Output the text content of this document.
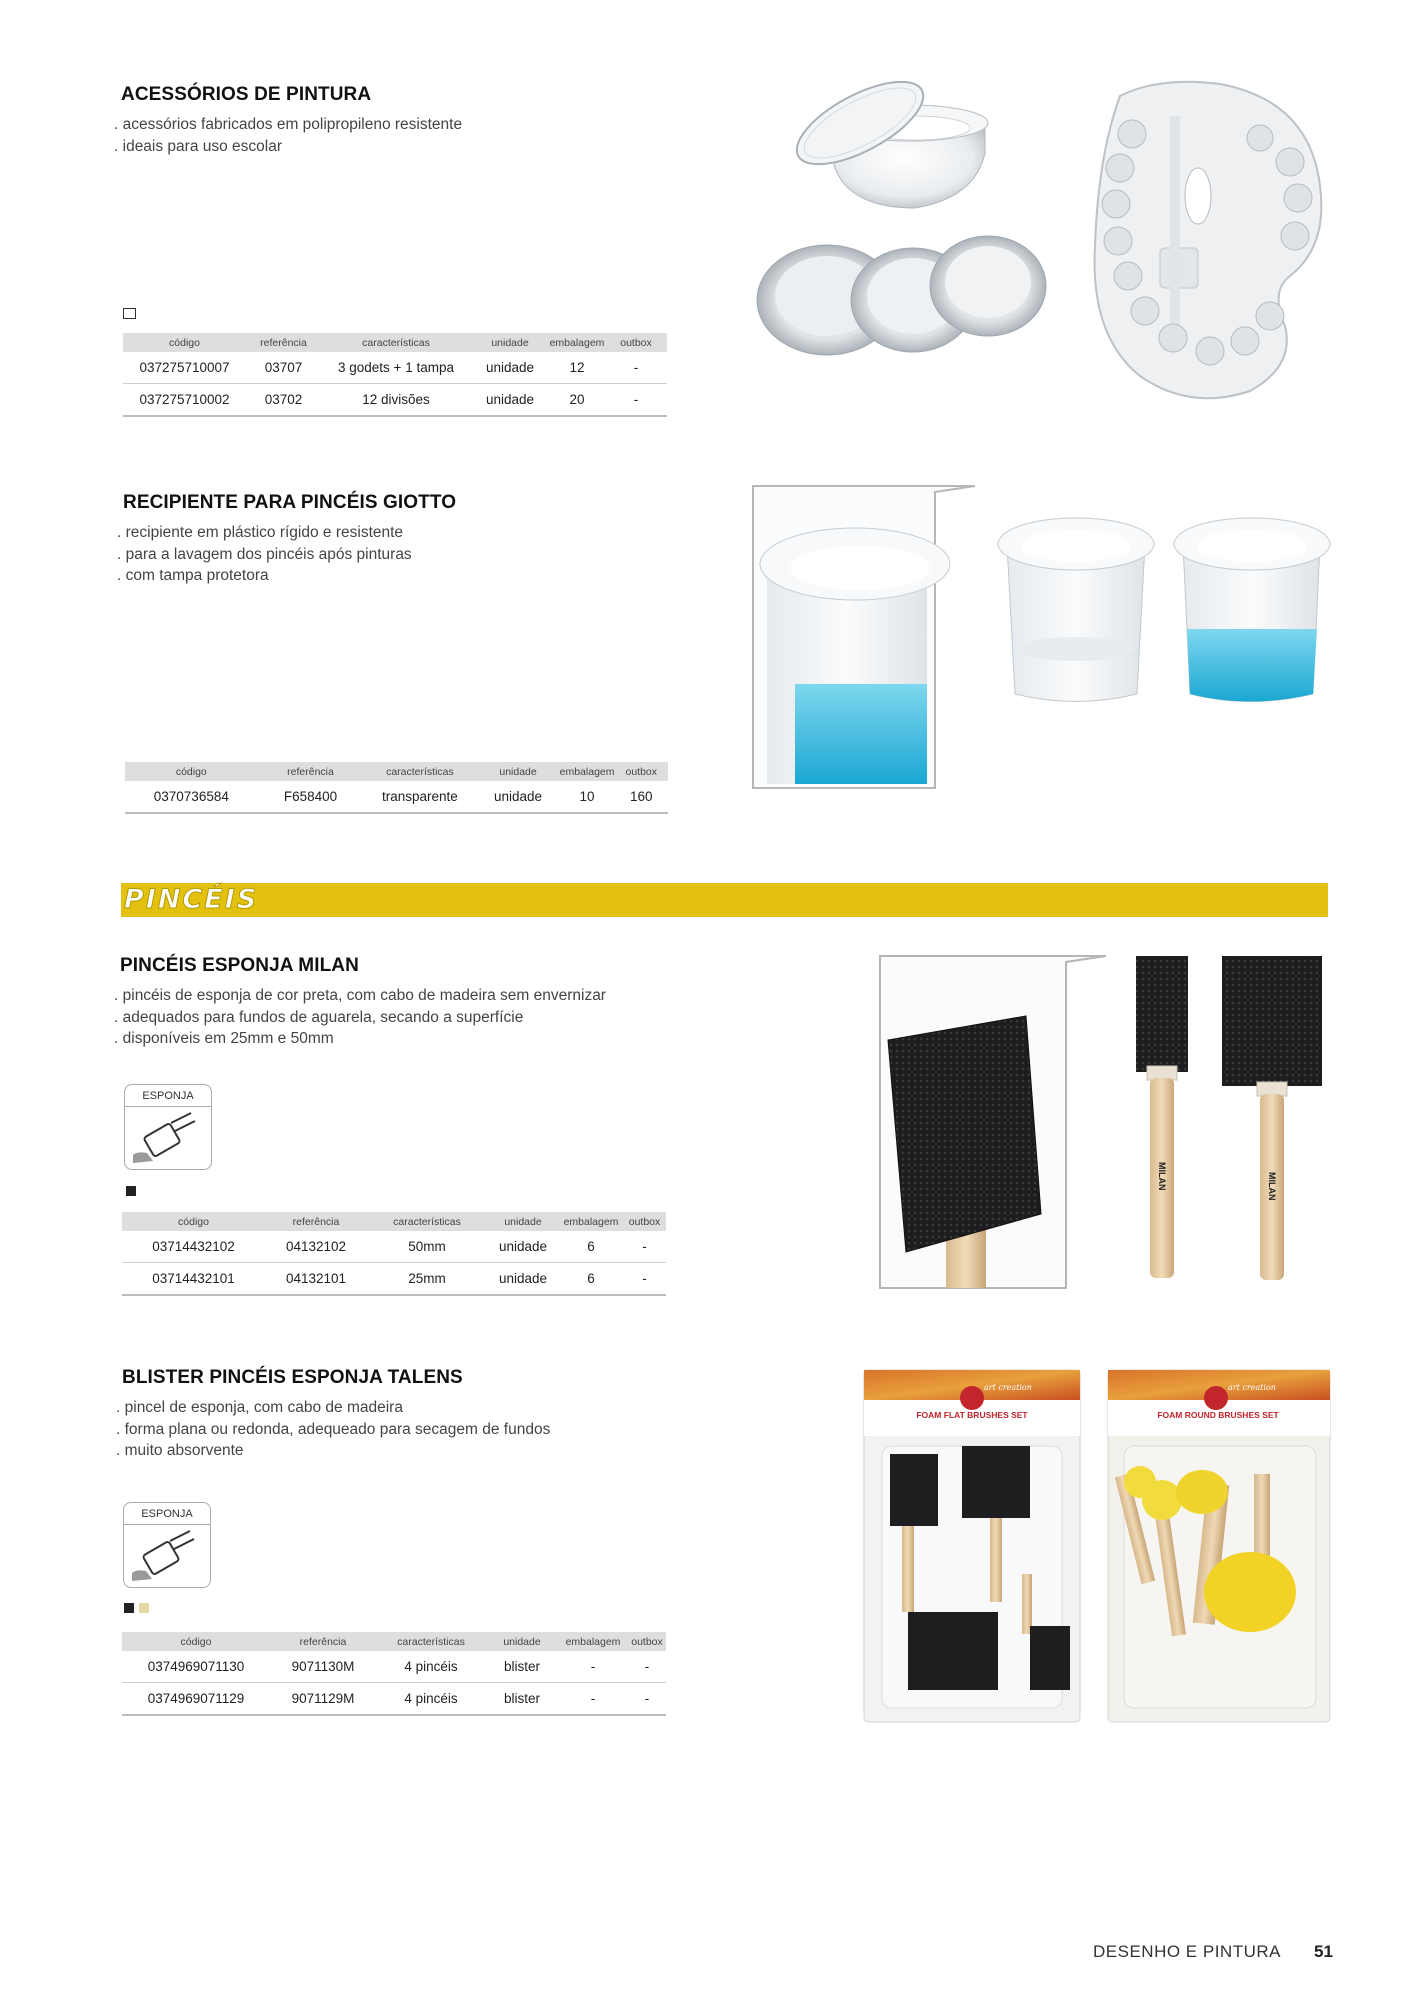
ACESSÓRIOS DE PINTURA
. acessórios fabricados em polipropileno resistente
. ideais para uso escolar
código	referência	características	unidade	embalagem	outbox
037275710007	03707	3 godets + 1 tampa	unidade	12	-
037275710002	03702	12 divisões	unidade	20	-
RECIPIENTE PARA PINCÉIS GIOTTO
. recipiente em plástico rígido e resistente
. para a lavagem dos pincéis após pinturas
. com tampa protetora
código	referência	características	unidade	embalagem	outbox
0370736584	F658400	transparente	unidade	10	160
PINCÉIS
PINCÉIS ESPONJA MILAN
. pincéis de esponja de cor preta, com cabo de madeira sem envernizar
. adequados para fundos de aguarela, secando a superfície
. disponíveis em 25mm e 50mm
ESPONJA
código	referência	características	unidade	embalagem	outbox
03714432102	04132102	50mm	unidade	6	-
03714432101	04132101	25mm	unidade	6	-
MILAN	MILAN
BLISTER PINCÉIS ESPONJA TALENS
. pincel de esponja, com cabo de madeira
. forma plana ou redonda, adequeado para secagem de fundos
. muito absorvente
ESPONJA
código	referência	características	unidade	embalagem	outbox
0374969071130	9071130M	4 pincéis	blister	-	-
0374969071129	9071129M	4 pincéis	blister	-	-
art creation
FOAM FLAT BRUSHES SET
art creation
FOAM ROUND BRUSHES SET
DESENHO E PINTURA 51
